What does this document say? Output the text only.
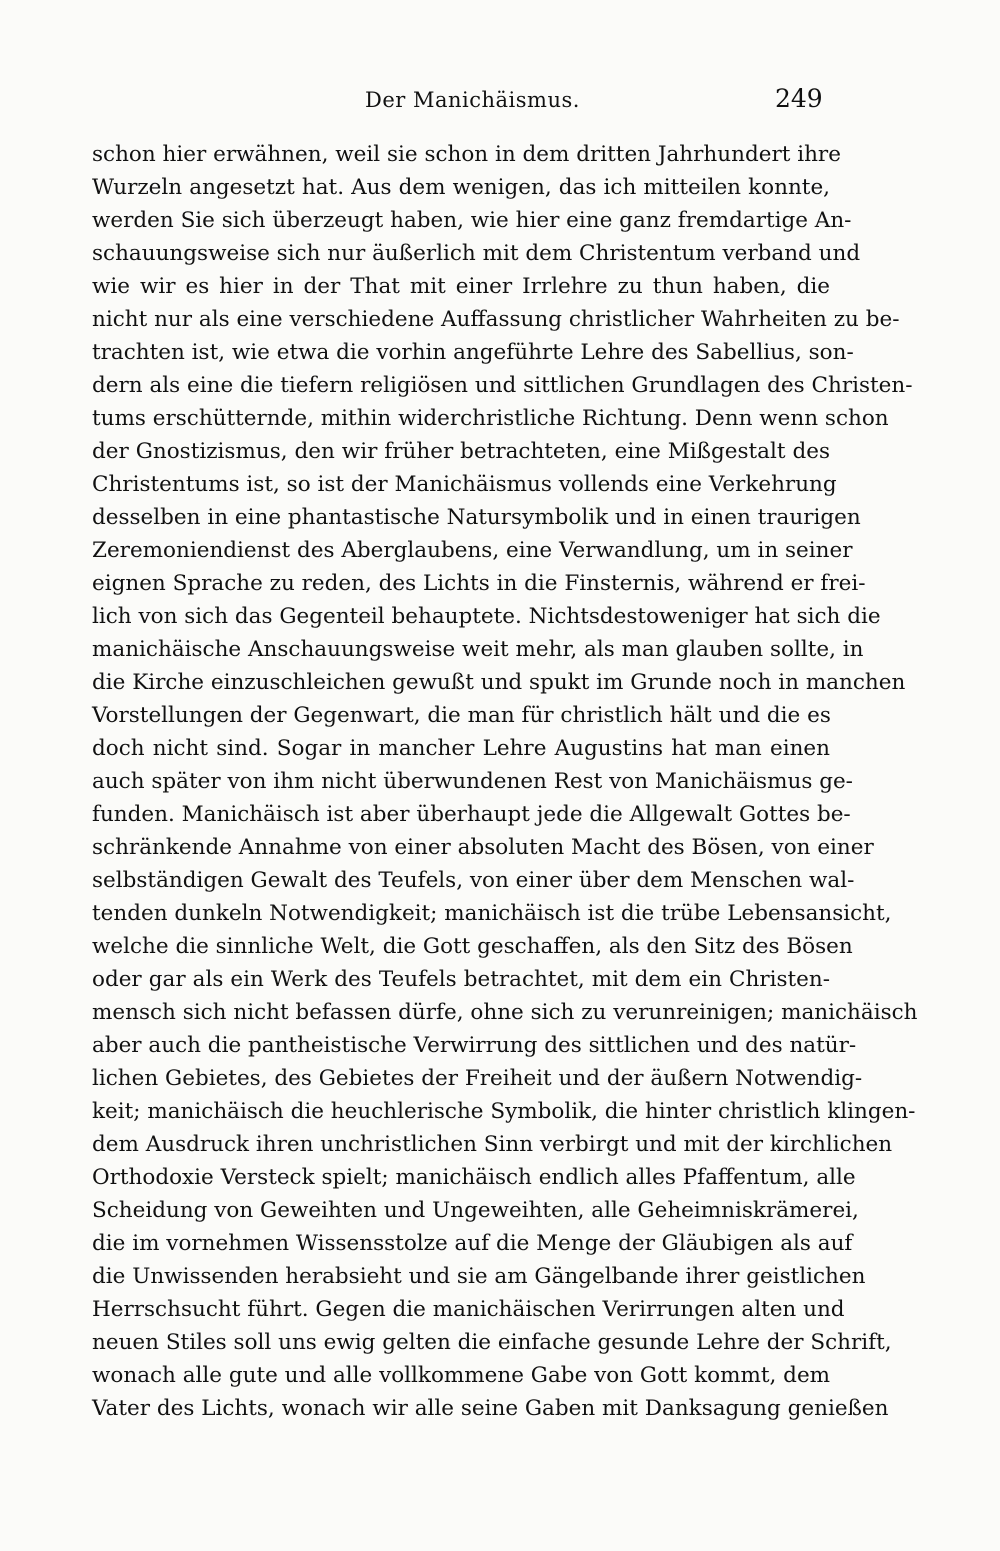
Der Manichäismus.	249
schon hier erwähnen, weil sie schon in dem dritten Jahrhundert ihre
Wurzeln angesetzt hat. Aus dem wenigen, das ich mitteilen konnte,
werden Sie sich überzeugt haben, wie hier eine ganz fremdartige An-
schauungsweise sich nur äußerlich mit dem Christentum verband und
wie wir es hier in der That mit einer Irrlehre zu thun haben, die
nicht nur als eine verschiedene Auffassung christlicher Wahrheiten zu be-
trachten ist, wie etwa die vorhin angeführte Lehre des Sabellius, son-
dern als eine die tiefern religiösen und sittlichen Grundlagen des Christen-
tums erschütternde, mithin widerchristliche Richtung. Denn wenn schon
der Gnostizismus, den wir früher betrachteten, eine Mißgestalt des
Christentums ist, so ist der Manichäismus vollends eine Verkehrung
desselben in eine phantastische Natursymbolik und in einen traurigen
Zeremoniendienst des Aberglaubens, eine Verwandlung, um in seiner
eignen Sprache zu reden, des Lichts in die Finsternis, während er frei-
lich von sich das Gegenteil behauptete. Nichtsdestoweniger hat sich die
manichäische Anschauungsweise weit mehr, als man glauben sollte, in
die Kirche einzuschleichen gewußt und spukt im Grunde noch in manchen
Vorstellungen der Gegenwart, die man für christlich hält und die es
doch nicht sind. Sogar in mancher Lehre Augustins hat man einen
auch später von ihm nicht überwundenen Rest von Manichäismus ge-
funden. Manichäisch ist aber überhaupt jede die Allgewalt Gottes be-
schränkende Annahme von einer absoluten Macht des Bösen, von einer
selbständigen Gewalt des Teufels, von einer über dem Menschen wal-
tenden dunkeln Notwendigkeit; manichäisch ist die trübe Lebensansicht,
welche die sinnliche Welt, die Gott geschaffen, als den Sitz des Bösen
oder gar als ein Werk des Teufels betrachtet, mit dem ein Christen-
mensch sich nicht befassen dürfe, ohne sich zu verunreinigen; manichäisch
aber auch die pantheistische Verwirrung des sittlichen und des natür-
lichen Gebietes, des Gebietes der Freiheit und der äußern Notwendig-
keit; manichäisch die heuchlerische Symbolik, die hinter christlich klingen-
dem Ausdruck ihren unchristlichen Sinn verbirgt und mit der kirchlichen
Orthodoxie Versteck spielt; manichäisch endlich alles Pfaffentum, alle
Scheidung von Geweihten und Ungeweihten, alle Geheimniskrämerei,
die im vornehmen Wissensstolze auf die Menge der Gläubigen als auf
die Unwissenden herabsieht und sie am Gängelbande ihrer geistlichen
Herrschsucht führt. Gegen die manichäischen Verirrungen alten und
neuen Stiles soll uns ewig gelten die einfache gesunde Lehre der Schrift,
wonach alle gute und alle vollkommene Gabe von Gott kommt, dem
Vater des Lichts, wonach wir alle seine Gaben mit Danksagung genießen
